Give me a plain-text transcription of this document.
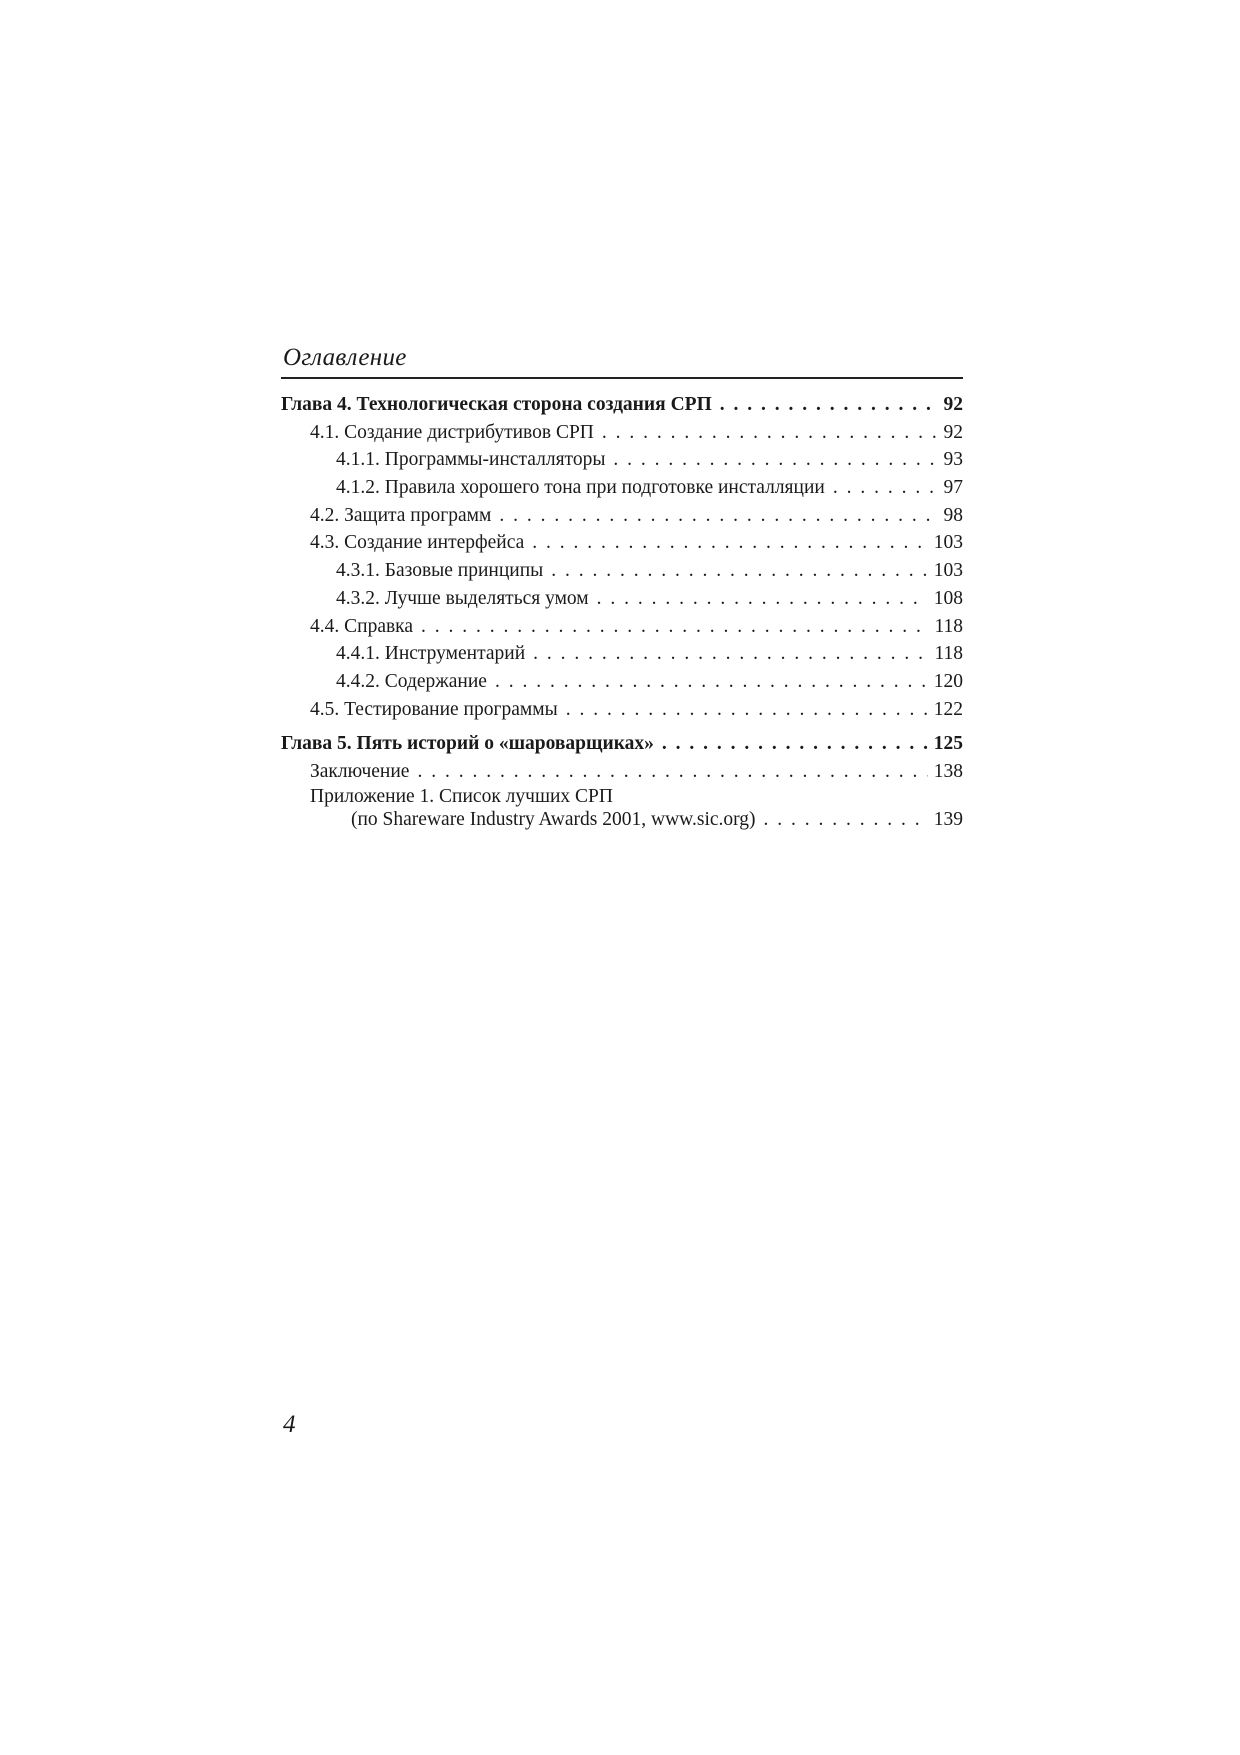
Оглавление
Глава 4. Технологическая сторона создания СРП . . .	92
4.1. Создание дистрибутивов СРП . . .	92
4.1.1. Программы-инсталляторы . . .	93
4.1.2. Правила хорошего тона при подготовке инсталляции . . .	97
4.2. Защита программ . . .	98
4.3. Создание интерфейса . . .	103
4.3.1. Базовые принципы . . .	103
4.3.2. Лучше выделяться умом . . .	108
4.4. Справка . . .	118
4.4.1. Инструментарий . . .	118
4.4.2. Содержание . . .	120
4.5. Тестирование программы . . .	122
Глава 5. Пять историй о «шароварщиках» . . .	125
Заключение . . .	138
Приложение 1. Список лучших СРП
(по Shareware Industry Awards 2001, www.sic.org) . . .	139
4
